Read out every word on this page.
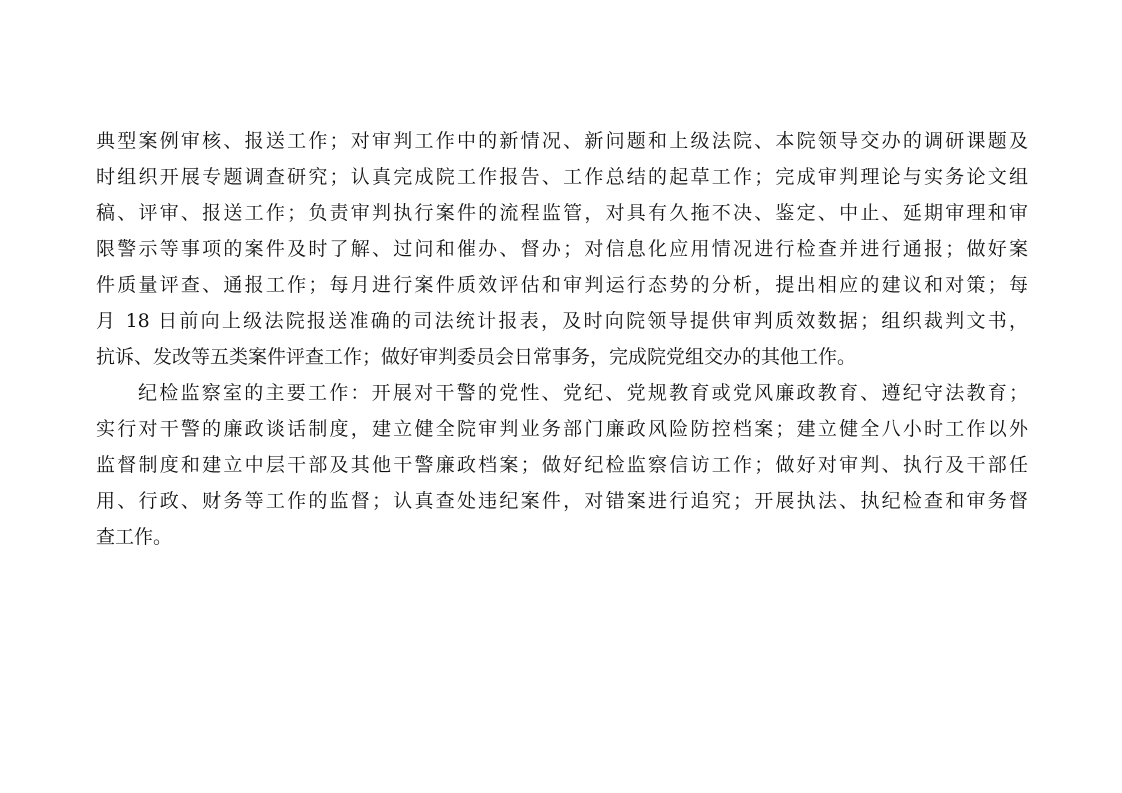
典型案例审核、报送工作；对审判工作中的新情况、新问题和上级法院、本院领导交办的调研课题及
时组织开展专题调查研究；认真完成院工作报告、工作总结的起草工作；完成审判理论与实务论文组
稿、评审、报送工作；负责审判执行案件的流程监管，对具有久拖不决、鉴定、中止、延期审理和审
限警示等事项的案件及时了解、过问和催办、督办；对信息化应用情况进行检查并进行通报；做好案
件质量评查、通报工作；每月进行案件质效评估和审判运行态势的分析，提出相应的建议和对策；每
月 18 日前向上级法院报送准确的司法统计报表，及时向院领导提供审判质效数据；组织裁判文书，
抗诉、发改等五类案件评查工作；做好审判委员会日常事务，完成院党组交办的其他工作。
纪检监察室的主要工作：开展对干警的党性、党纪、党规教育或党风廉政教育、遵纪守法教育；
实行对干警的廉政谈话制度，建立健全院审判业务部门廉政风险防控档案；建立健全八小时工作以外
监督制度和建立中层干部及其他干警廉政档案；做好纪检监察信访工作；做好对审判、执行及干部任
用、行政、财务等工作的监督；认真查处违纪案件，对错案进行追究；开展执法、执纪检查和审务督
查工作。
